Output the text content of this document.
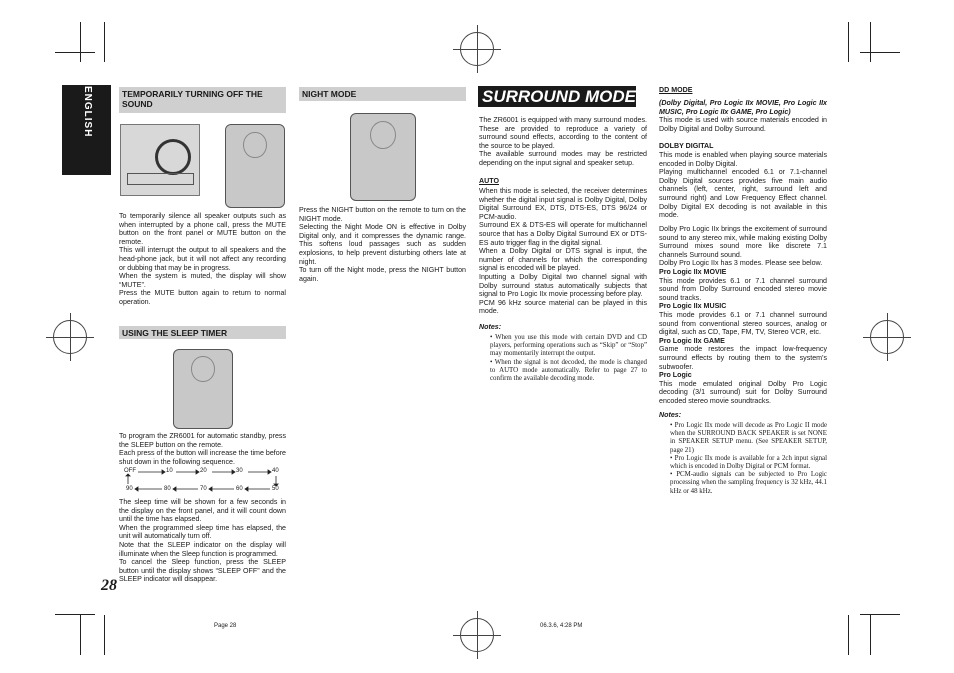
ENGLISH
28
TEMPORARILY TURNING OFF THE SOUND

To temporarily silence all speaker outputs such as when interrupted by a phone call, press the MUTE button on the front panel or MUTE button on the remote.

This will interrupt the output to all speakers and the head-phone jack, but it will not affect any recording or dubbing that may be in progress.

When the system is muted, the display will show “MUTE”.

Press the MUTE button again to return to normal operation.

USING THE SLEEP TIMER

To program the ZR6001 for automatic standby, press the SLEEP button on the remote.

Each press of the button will increase the time before shut down in the following sequence.

OFF	10	20	30	40
90	80	70	60	50

The sleep time will be shown for a few seconds in the display on the front panel, and it will count down until the time has elapsed.

When the programmed sleep time has elapsed, the unit will automatically turn off.

Note that the SLEEP indicator on the display will illuminate when the Sleep function is programmed.

To cancel the Sleep function, press the SLEEP button until the display shows “SLEEP OFF” and the SLEEP indicator will disappear.

NIGHT MODE

Press the NIGHT button on the remote to turn on the NIGHT mode.

Selecting the Night Mode ON is effective in Dolby Digital only, and it compresses the dynamic range. This softens loud passages such as sudden explosions, to help prevent disturbing others late at night.

To turn off the Night mode, press the NIGHT button again.

SURROUND MODE

The ZR6001 is equipped with many surround modes. These are provided to reproduce a variety of surround sound effects, according to the content of the source to be played.

The available surround modes may be restricted depending on the input signal and speaker setup.

AUTO

When this mode is selected, the receiver determines whether the digital input signal is Dolby Digital, Dolby Digital Surround EX, DTS, DTS-ES, DTS 96/24 or PCM-audio.

Surround EX & DTS-ES will operate for multichannel source that has a Dolby Digital Surround EX or DTS-ES auto trigger flag in the digital signal.

When a Dolby Digital or DTS signal is input, the number of channels for which the corresponding signal is encoded will be played.

Inputting a Dolby Digital two channel signal with Dolby surround status automatically subjects that signal to Pro Logic IIx movie processing before play.

PCM 96 kHz source material can be played in this mode.

Notes:

• When you use this mode with certain DVD and CD players, performing operations such as “Skip” or “Stop” may momentarily interrupt the output.

• When the signal is not decoded, the mode is changed to AUTO mode automatically. Refer to page 27 to confirm the available decoding mode.

DD MODE

(Dolby Digital, Pro Logic IIx MOVIE, Pro Logic IIx MUSIC, Pro Logic IIx GAME, Pro Logic)

This mode is used with source materials encoded in Dolby Digital and Dolby Surround.

DOLBY DIGITAL

This mode is enabled when playing source materials encoded in Dolby Digital.

Playing multichannel encoded 6.1 or 7.1-channel Dolby Digital sources provides five main audio channels (left, center, right, surround left and surround right) and Low Frequency Effect channel. Dolby Digital EX decoding is not available in this mode.

Dolby Pro Logic IIx brings the excitement of surround sound to any stereo mix, while making existing Dolby Surround mixes sound more like discrete 7.1 channels Surround sound.

Dolby Pro Logic IIx has 3 modes. Please see below.

Pro Logic IIx MOVIE

This mode provides 6.1 or 7.1 channel surround sound from Dolby Surround encoded stereo movie sound tracks.

Pro Logic IIx MUSIC

This mode provides 6.1 or 7.1 channel surround sound from conventional stereo sources, analog or digital, such as CD, Tape, FM, TV, Stereo VCR, etc.

Pro Logic IIx GAME

Game mode restores the impact low-frequency surround effects by routing them to the system's subwoofer.

Pro Logic

This mode emulated original Dolby Pro Logic decoding (3/1 surround) suit for Dolby Surround encoded stereo movie soundtracks.

Notes:

• Pro Logic IIx mode will decode as Pro Logic II mode when the SURROUND BACK SPEAKER is set NONE in SPEAKER SETUP menu. (See SPEAKER SETUP, page 21)

• Pro Logic IIx mode is available for a 2ch input signal which is encoded in Dolby Digital or PCM format.

• PCM-audio signals can be subjected to Pro Logic processing when the sampling frequency is 32 kHz, 44.1 kHz or 48 kHz.

Page 28	06.3.6, 4:28 PM
